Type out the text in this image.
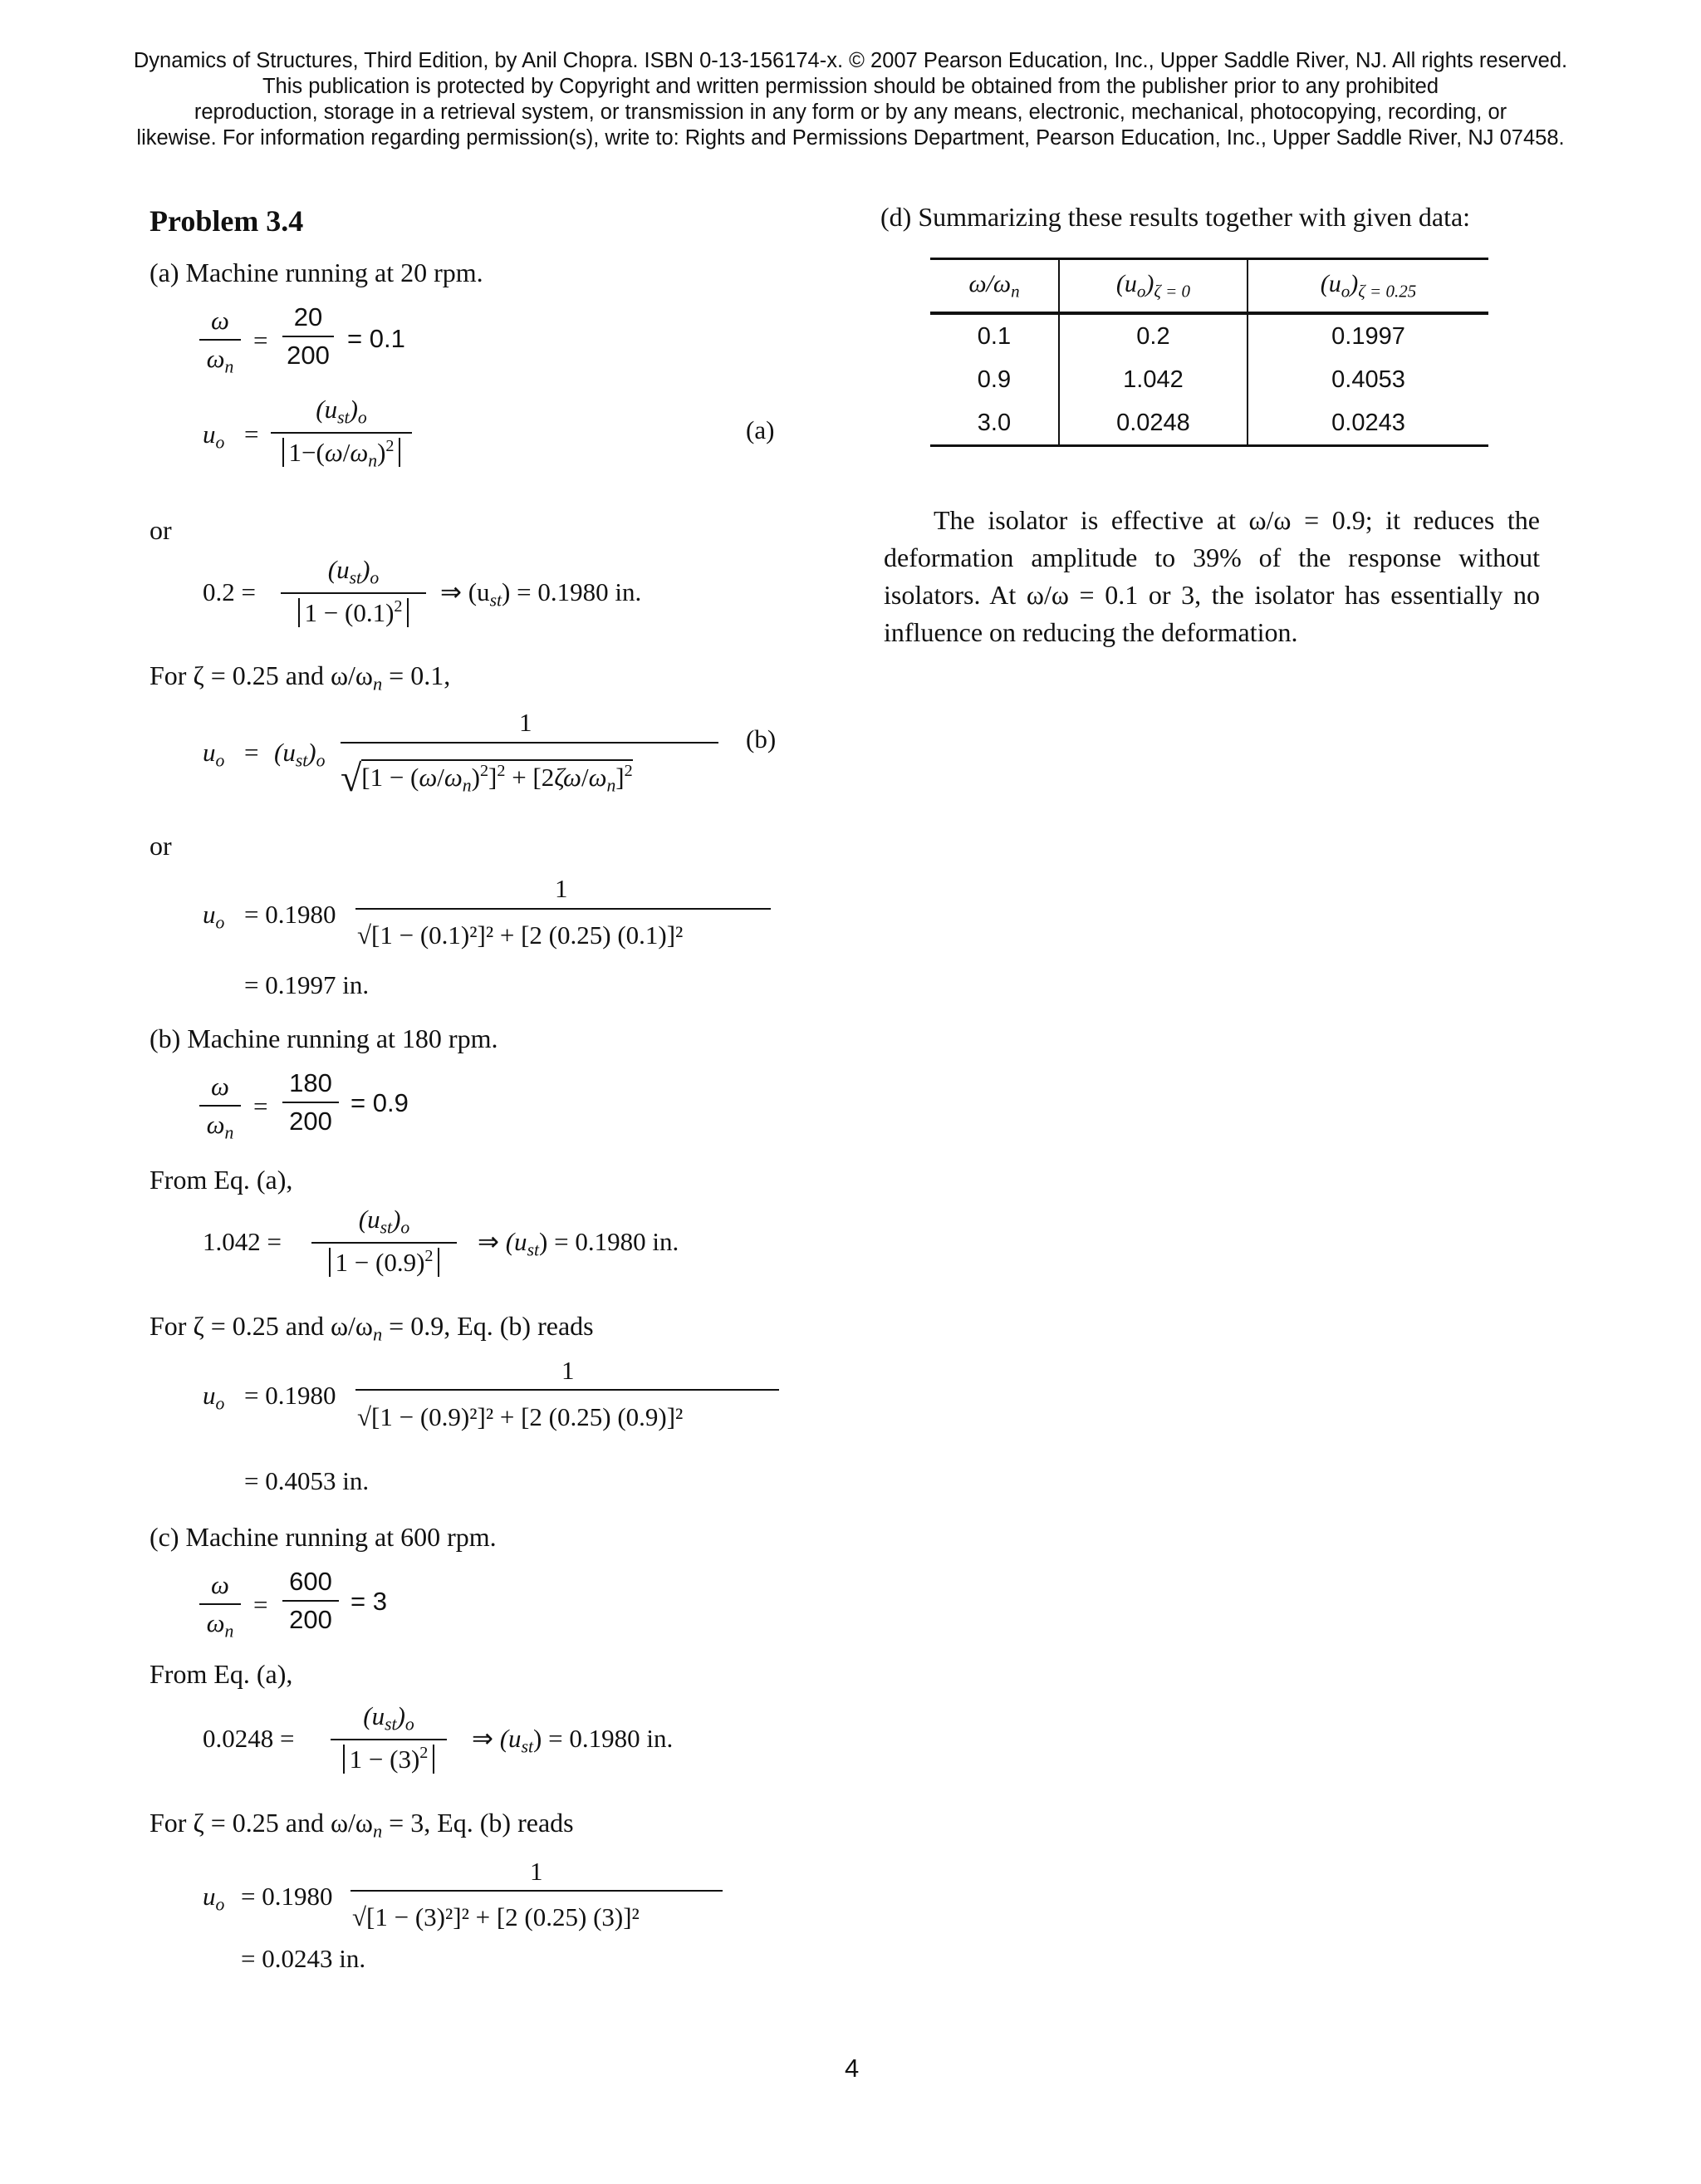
Dynamics of Structures, Third Edition, by Anil Chopra. ISBN 0-13-156174-x. © 2007 Pearson Education, Inc., Upper Saddle River, NJ. All rights reserved.
This publication is protected by Copyright and written permission should be obtained from the publisher prior to any prohibited
reproduction, storage in a retrieval system, or transmission in any form or by any means, electronic, mechanical, photocopying, recording, or
likewise. For information regarding permission(s), write to: Rights and Permissions Department, Pearson Education, Inc., Upper Saddle River, NJ 07458.
Problem 3.4
(a) Machine running at 20 rpm.
ω
$\omega_n$
=
20
200
= 0.1
$u_o$ =
$(u_{st})_o$
$1-(\omega/\omega_n)^2$
(a)
or
0.2 =
$(u_{st})_o$
$1 - (0.1)^2$	⇒ $(u_{st}) = 0.1980$ in.
For ζ = 0.25 and $\omega/\omega_n = 0.1$,
$u_o = (u_{st})_o$
1
$√[1 - (\omega/\omega_n)^2]^2 + [2\zeta\omega/\omega_n]^2$
(b)
or
$u_o = 0.1980$
1
√[1 − (0.1)²]² + [2 (0.25) (0.1)]²
= 0.1997 in.
(b) Machine running at 180 rpm.
ω
$\omega_n$
=
180
200
= 0.9
From Eq. (a),
1.042 =
$(u_{st})_o$
$1 - (0.9)^2$	⇒ $(u_{st}) = 0.1980$ in.
For ζ = 0.25 and $\omega/\omega_n = 0.9$, Eq. (b) reads
$u_o = 0.1980$
1
√[1 − (0.9)²]² + [2 (0.25) (0.9)]²
= 0.4053 in.
(c) Machine running at 600 rpm.
ω
$\omega_n$
=
600
200
= 3
From Eq. (a),
0.0248 =
$(u_{st})_o$
$1 - (3)^2$	⇒ $(u_{st}) = 0.1980$ in.
For ζ = 0.25 and $\omega/\omega_n = 3$, Eq. (b) reads
$u_o = 0.1980$
1
√[1 − (3)²]² + [2 (0.25) (3)]²
= 0.0243 in.
(d) Summarizing these results together with given data:
$\omega/\omega_n$	$(u_o)_{\zeta = 0}$	$(u_o)_{\zeta = 0.25}$
0.1	0.2	0.1997
0.9	1.042	0.4053
3.0	0.0248	0.0243

The isolator is effective at ω/ω = 0.9; it reduces the deformation amplitude to 39% of the response without isolators. At ω/ω = 0.1 or 3, the isolator has essentially no influence on reducing the deformation.

4
